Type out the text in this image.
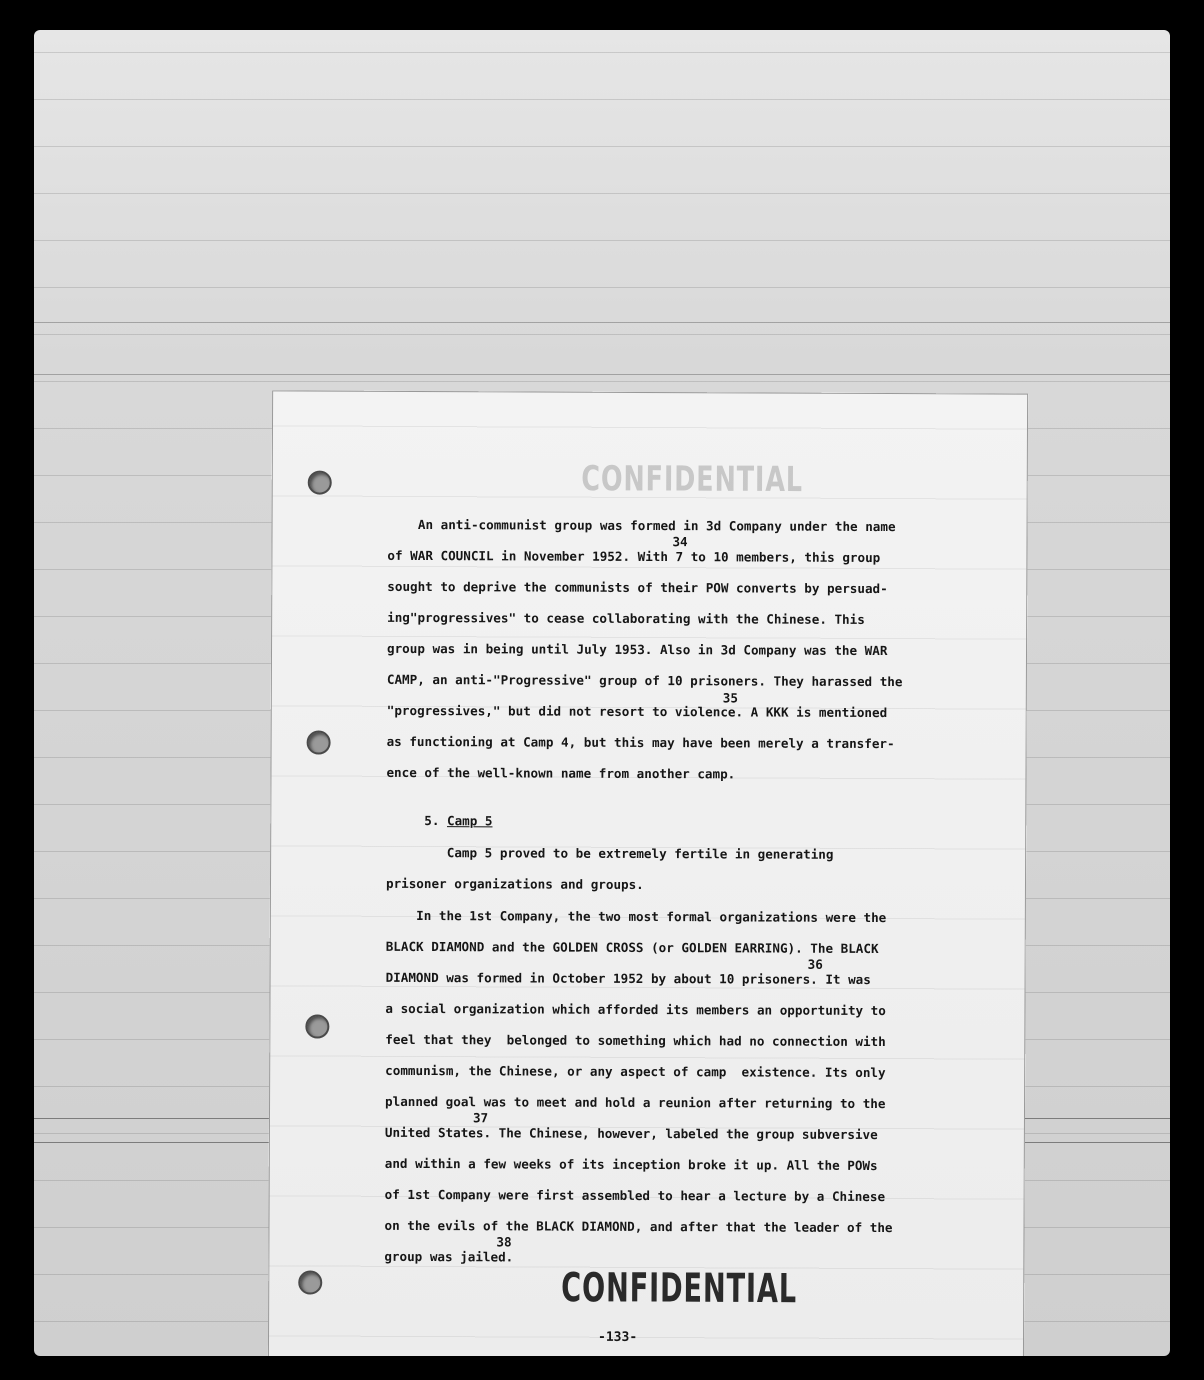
CONFIDENTIAL
An anti-communist group was formed in 3d Company under the name
34
of WAR COUNCIL in November 1952. With 7 to 10 members, this group
sought to deprive the communists of their POW converts by persuad-
ing"progressives" to cease collaborating with the Chinese. This
group was in being until July 1953. Also in 3d Company was the WAR
CAMP, an anti-"Progressive" group of 10 prisoners. They harassed the
35
"progressives," but did not resort to violence. A KKK is mentioned
as functioning at Camp 4, but this may have been merely a transfer-
ence of the well-known name from another camp.
5. Camp 5
Camp 5 proved to be extremely fertile in generating
prisoner organizations and groups.
In the 1st Company, the two most formal organizations were the
BLACK DIAMOND and the GOLDEN CROSS (or GOLDEN EARRING). The BLACK
36
DIAMOND was formed in October 1952 by about 10 prisoners. It was
a social organization which afforded its members an opportunity to
feel that they  belonged to something which had no connection with
communism, the Chinese, or any aspect of camp  existence. Its only
planned goal was to meet and hold a reunion after returning to the
37
United States. The Chinese, however, labeled the group subversive
and within a few weeks of its inception broke it up. All the POWs
of 1st Company were first assembled to hear a lecture by a Chinese
on the evils of the BLACK DIAMOND, and after that the leader of the
38
group was jailed.
CONFIDENTIAL
-133-
